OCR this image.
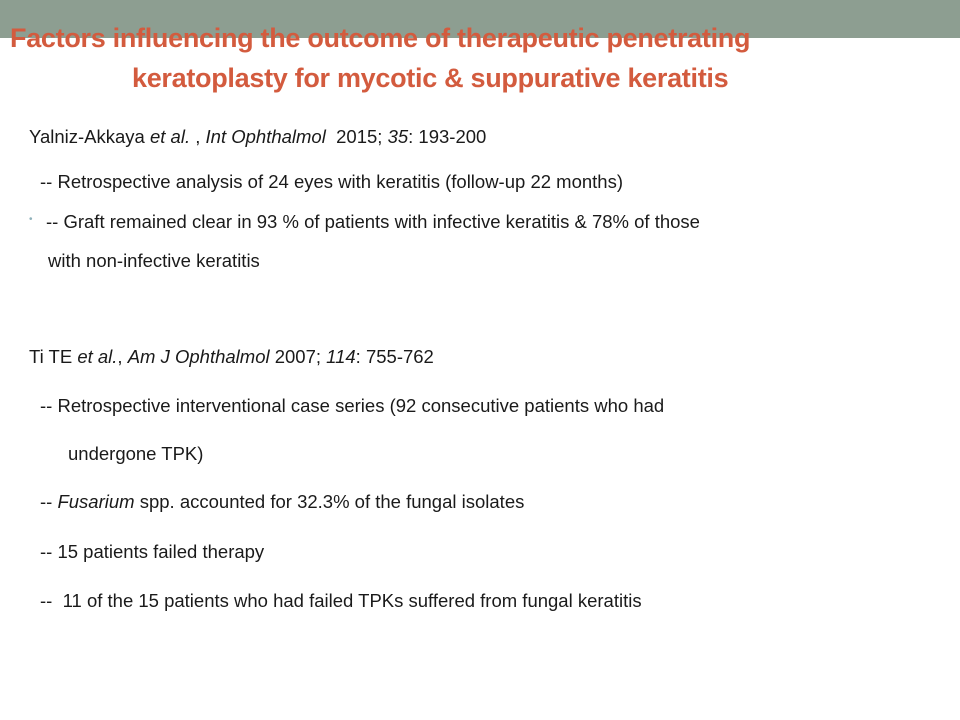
Factors influencing the outcome of therapeutic penetrating
keratoplasty for mycotic & suppurative keratitis
Yalniz-Akkaya et al. , Int Ophthalmol  2015; 35: 193-200
-- Retrospective analysis of 24 eyes with keratitis (follow-up 22 months)
• -- Graft remained clear in 93 % of patients with infective keratitis & 78% of those
with non-infective keratitis
Ti TE et al., Am J Ophthalmol 2007; 114: 755-762
-- Retrospective interventional case series (92 consecutive patients who had
undergone TPK)
-- Fusarium spp. accounted for 32.3% of the fungal isolates
-- 15 patients failed therapy
--  11 of the 15 patients who had failed TPKs suffered from fungal keratitis
